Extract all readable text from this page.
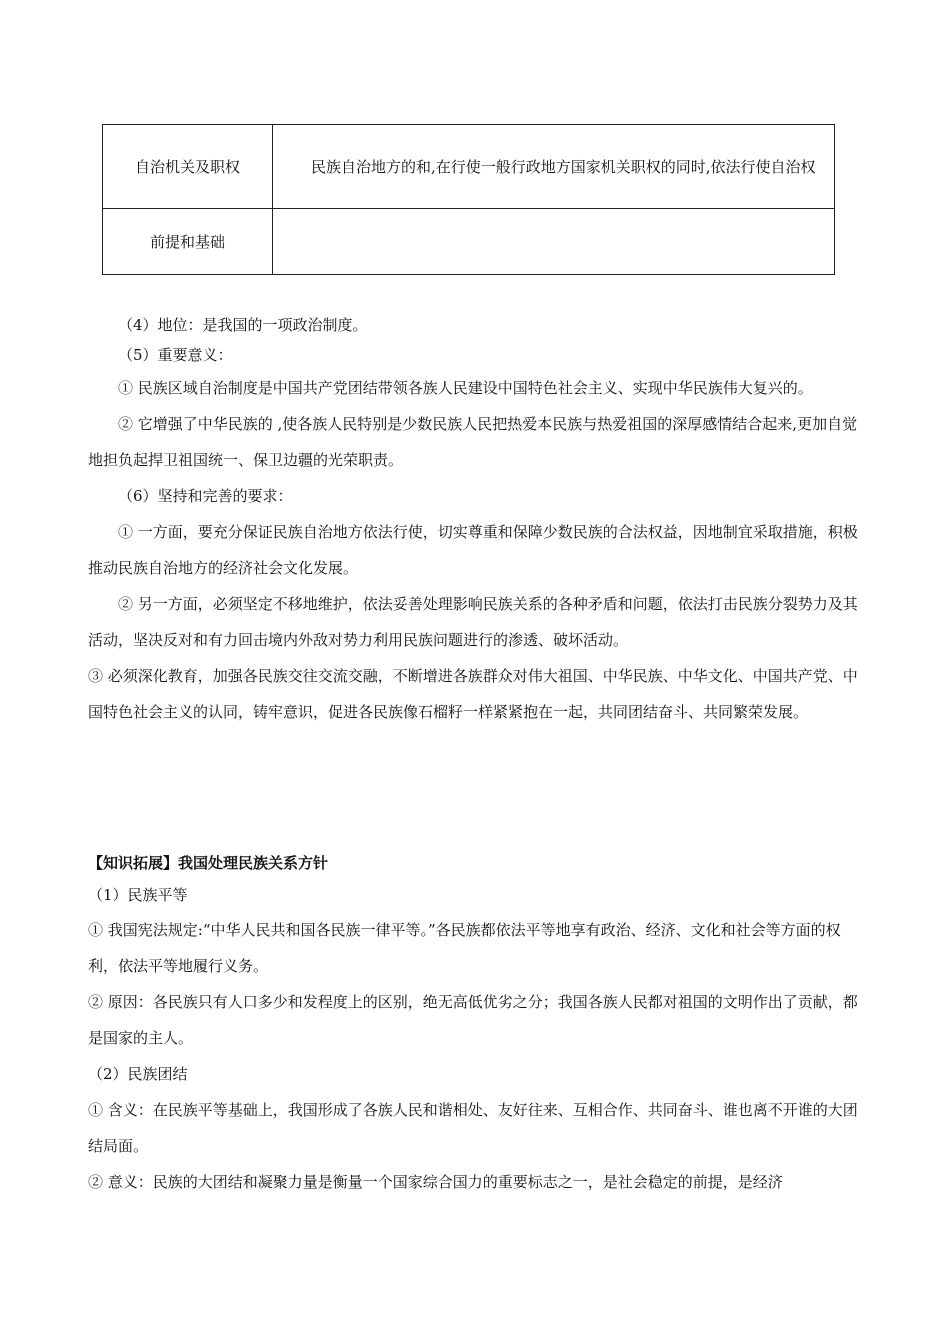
自治机关及职权	民族自治地方的和,在行使一般行政地方国家机关职权的同时,依法行使自治权
前提和基础	

（4）地位：是我国的一项政治制度。

（5）重要意义：

① 民族区域自治制度是中国共产党团结带领各族人民建设中国特色社会主义、实现中华民族伟大复兴的。

② 它增强了中华民族的 ,使各族人民特别是少数民族人民把热爱本民族与热爱祖国的深厚感情结合起来,更加自觉地担负起捍卫祖国统一、保卫边疆的光荣职责。

（6）坚持和完善的要求：

① 一方面，要充分保证民族自治地方依法行使，切实尊重和保障少数民族的合法权益，因地制宜采取措施，积极推动民族自治地方的经济社会文化发展。

② 另一方面，必须坚定不移地维护，依法妥善处理影响民族关系的各种矛盾和问题，依法打击民族分裂势力及其活动，坚决反对和有力回击境内外敌对势力利用民族问题进行的渗透、破坏活动。

③ 必须深化教育，加强各民族交往交流交融，不断增进各族群众对伟大祖国、中华民族、中华文化、中国共产党、中国特色社会主义的认同，铸牢意识，促进各民族像石榴籽一样紧紧抱在一起，共同团结奋斗、共同繁荣发展。

【知识拓展】我国处理民族关系方针

（1）民族平等

① 我国宪法规定:“中华人民共和国各民族一律平等。”各民族都依法平等地享有政治、经济、文化和社会等方面的权利，依法平等地履行义务。

② 原因：各民族只有人口多少和发程度上的区别，绝无高低优劣之分；我国各族人民都对祖国的文明作出了贡献，都是国家的主人。

（2）民族团结

① 含义：在民族平等基础上，我国形成了各族人民和谐相处、友好往来、互相合作、共同奋斗、谁也离不开谁的大团结局面。

② 意义：民族的大团结和凝聚力量是衡量一个国家综合国力的重要标志之一，是社会稳定的前提，是经济
